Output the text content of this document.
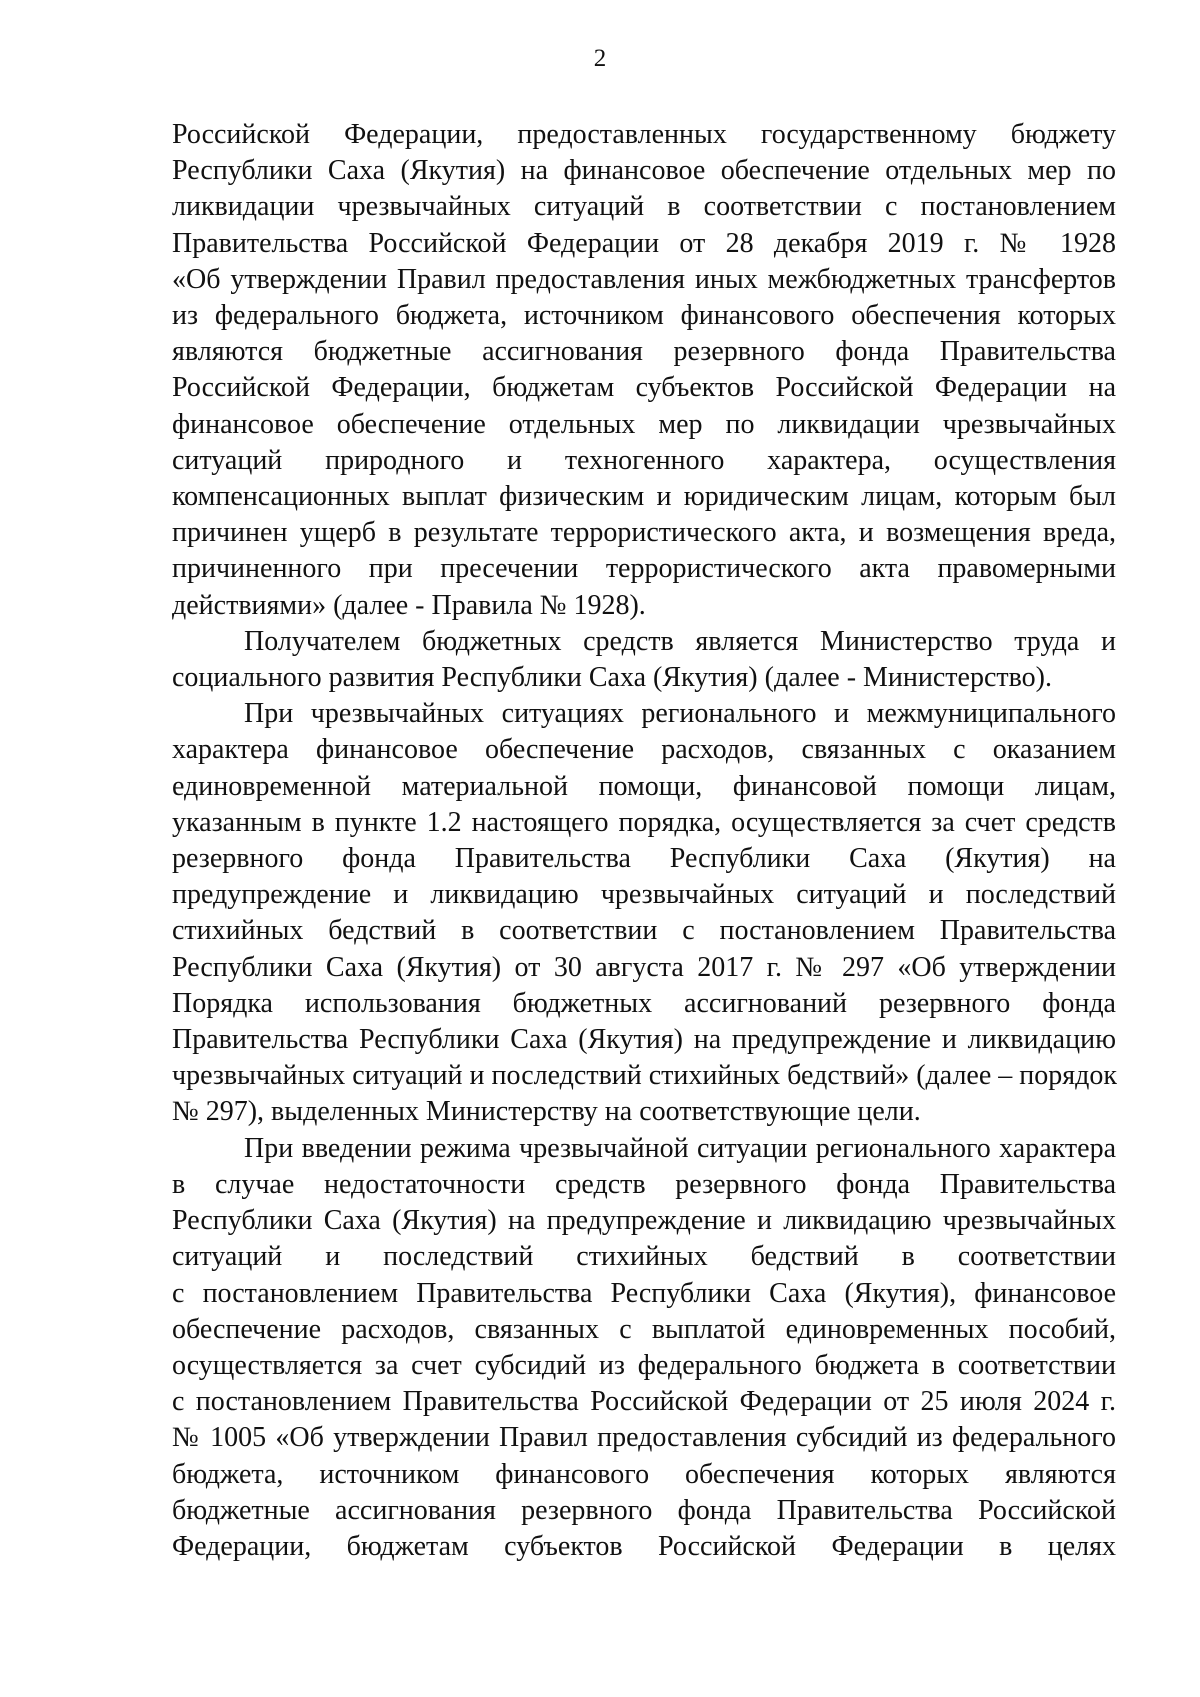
2
Российской Федерации, предоставленных государственному бюджету
Республики Саха (Якутия) на финансовое обеспечение отдельных мер по
ликвидации чрезвычайных ситуаций в соответствии с постановлением
Правительства Российской Федерации от 28 декабря 2019 г. № 1928
«Об утверждении Правил предоставления иных межбюджетных трансфертов
из федерального бюджета, источником финансового обеспечения которых
являются бюджетные ассигнования резервного фонда Правительства
Российской Федерации, бюджетам субъектов Российской Федерации на
финансовое обеспечение отдельных мер по ликвидации чрезвычайных
ситуаций природного и техногенного характера, осуществления
компенсационных выплат физическим и юридическим лицам, которым был
причинен ущерб в результате террористического акта, и возмещения вреда,
причиненного при пресечении террористического акта правомерными
действиями» (далее - Правила № 1928).
Получателем бюджетных средств является Министерство труда и
социального развития Республики Саха (Якутия) (далее - Министерство).
При чрезвычайных ситуациях регионального и межмуниципального
характера финансовое обеспечение расходов, связанных с оказанием
единовременной материальной помощи, финансовой помощи лицам,
указанным в пункте 1.2 настоящего порядка, осуществляется за счет средств
резервного фонда Правительства Республики Саха (Якутия) на
предупреждение и ликвидацию чрезвычайных ситуаций и последствий
стихийных бедствий в соответствии с постановлением Правительства
Республики Саха (Якутия) от 30 августа 2017 г. № 297 «Об утверждении
Порядка использования бюджетных ассигнований резервного фонда
Правительства Республики Саха (Якутия) на предупреждение и ликвидацию
чрезвычайных ситуаций и последствий стихийных бедствий» (далее – порядок
№ 297), выделенных Министерству на соответствующие цели.
При введении режима чрезвычайной ситуации регионального характера
в случае недостаточности средств резервного фонда Правительства
Республики Саха (Якутия) на предупреждение и ликвидацию чрезвычайных
ситуаций и последствий стихийных бедствий в соответствии
с постановлением Правительства Республики Саха (Якутия), финансовое
обеспечение расходов, связанных с выплатой единовременных пособий,
осуществляется за счет субсидий из федерального бюджета в соответствии
с постановлением Правительства Российской Федерации от 25 июля 2024 г.
№ 1005 «Об утверждении Правил предоставления субсидий из федерального
бюджета, источником финансового обеспечения которых являются
бюджетные ассигнования резервного фонда Правительства Российской
Федерации, бюджетам субъектов Российской Федерации в целях
